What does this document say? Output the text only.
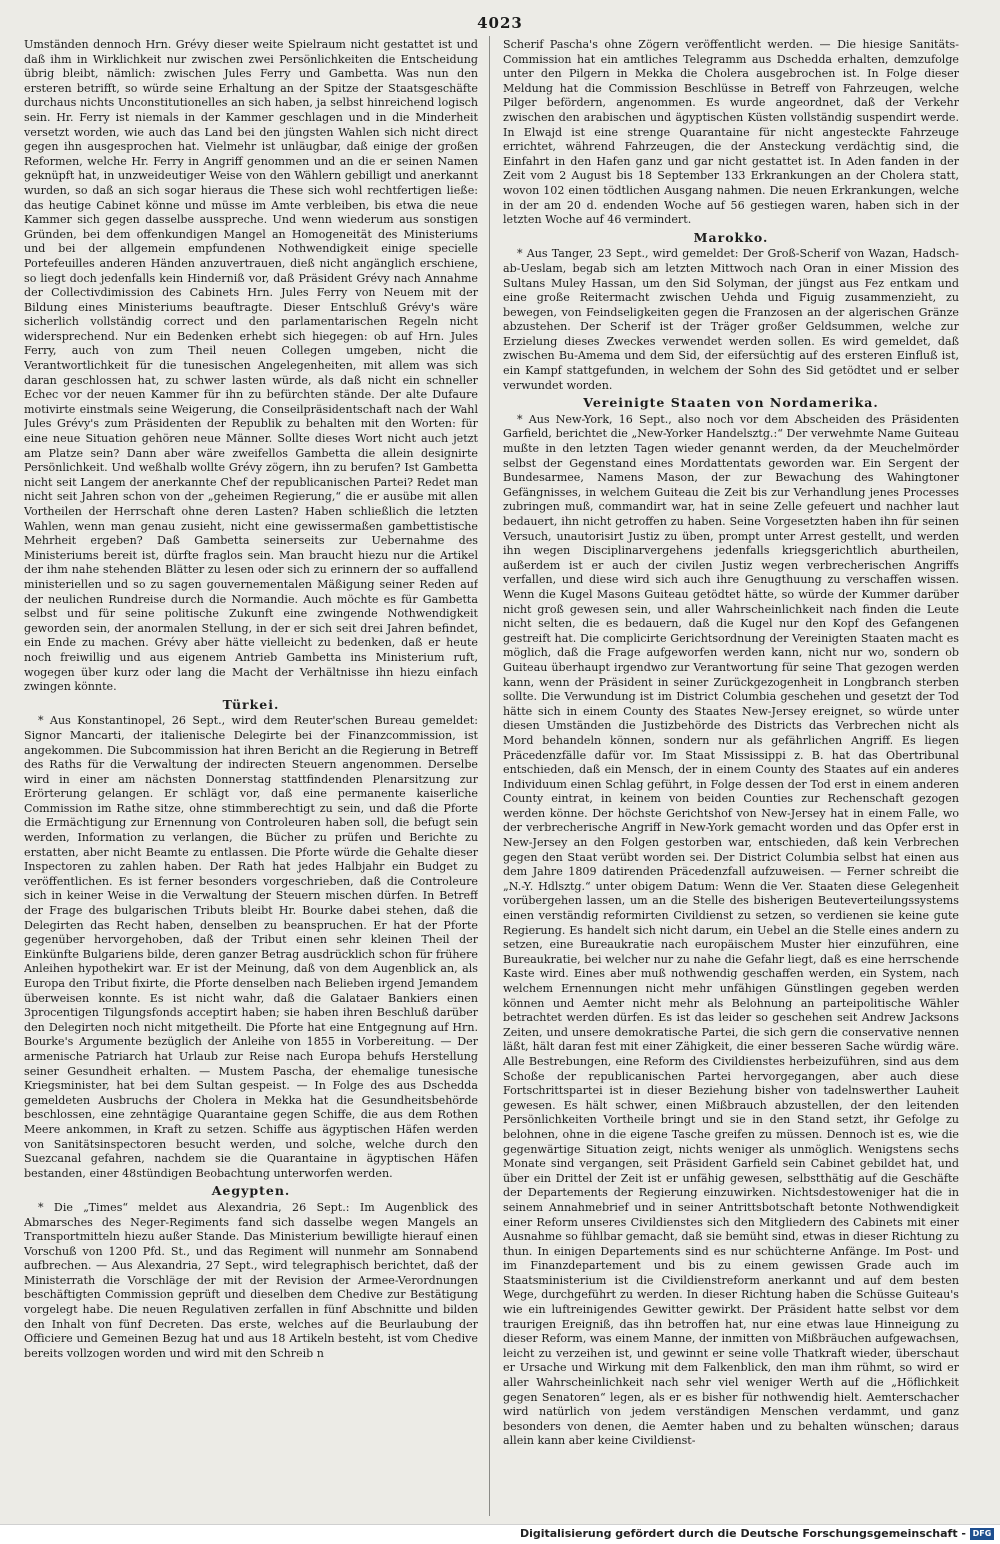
4023

Umständen dennoch Hrn. Grévy dieser weite Spielraum nicht gestattet ist und daß ihm in Wirklichkeit nur zwischen zwei Persönlichkeiten die Entscheidung übrig bleibt, nämlich: zwischen Jules Ferry und Gambetta. Was nun den ersteren betrifft, so würde seine Erhaltung an der Spitze der Staatsgeschäfte durchaus nichts Unconstitutionelles an sich haben, ja selbst hinreichend logisch sein. Hr. Ferry ist niemals in der Kammer geschlagen und in die Minderheit versetzt worden, wie auch das Land bei den jüngsten Wahlen sich nicht direct gegen ihn ausgesprochen hat. Vielmehr ist unläugbar, daß einige der großen Reformen, welche Hr. Ferry in Angriff genommen und an die er seinen Namen geknüpft hat, in unzweideutiger Weise von den Wählern gebilligt und anerkannt wurden, so daß an sich sogar hieraus die These sich wohl rechtfertigen ließe: das heutige Cabinet könne und müsse im Amte verbleiben, bis etwa die neue Kammer sich gegen dasselbe ausspreche. Und wenn wiederum aus sonstigen Gründen, bei dem offenkundigen Mangel an Homogeneität des Ministeriums und bei der allgemein empfundenen Nothwendigkeit einige specielle Portefeuilles anderen Händen anzuvertrauen, dieß nicht angänglich erschiene, so liegt doch jedenfalls kein Hinderniß vor, daß Präsident Grévy nach Annahme der Collectivdimission des Cabinets Hrn. Jules Ferry von Neuem mit der Bildung eines Ministeriums beauftragte. Dieser Entschluß Grévy's wäre sicherlich vollständig correct und den parlamentarischen Regeln nicht widersprechend. Nur ein Bedenken erhebt sich hiegegen: ob auf Hrn. Jules Ferry, auch von zum Theil neuen Collegen umgeben, nicht die Verantwortlichkeit für die tunesischen Angelegenheiten, mit allem was sich daran geschlossen hat, zu schwer lasten würde, als daß nicht ein schneller Echec vor der neuen Kammer für ihn zu befürchten stände. Der alte Dufaure motivirte einstmals seine Weigerung, die Conseilpräsidentschaft nach der Wahl Jules Grévy's zum Präsidenten der Republik zu behalten mit den Worten: für eine neue Situation gehören neue Männer. Sollte dieses Wort nicht auch jetzt am Platze sein? Dann aber wäre zweifellos Gambetta die allein designirte Persönlichkeit. Und weßhalb wollte Grévy zögern, ihn zu berufen? Ist Gambetta nicht seit Langem der anerkannte Chef der republicanischen Partei? Redet man nicht seit Jahren schon von der „geheimen Regierung,“ die er ausübe mit allen Vortheilen der Herrschaft ohne deren Lasten? Haben schließlich die letzten Wahlen, wenn man genau zusieht, nicht eine gewissermaßen gambettistische Mehrheit ergeben? Daß Gambetta seinerseits zur Uebernahme des Ministeriums bereit ist, dürfte fraglos sein. Man braucht hiezu nur die Artikel der ihm nahe stehenden Blätter zu lesen oder sich zu erinnern der so auffallend ministeriellen und so zu sagen gouvernementalen Mäßigung seiner Reden auf der neulichen Rundreise durch die Normandie. Auch möchte es für Gambetta selbst und für seine politische Zukunft eine zwingende Nothwendigkeit geworden sein, der anormalen Stellung, in der er sich seit drei Jahren befindet, ein Ende zu machen. Grévy aber hätte vielleicht zu bedenken, daß er heute noch freiwillig und aus eigenem Antrieb Gambetta ins Ministerium ruft, wogegen über kurz oder lang die Macht der Verhältnisse ihn hiezu einfach zwingen könnte.

Türkei.

* Aus Konstantinopel, 26 Sept., wird dem Reuter'schen Bureau gemeldet: Signor Mancarti, der italienische Delegirte bei der Finanzcommission, ist angekommen. Die Subcommission hat ihren Bericht an die Regierung in Betreff des Raths für die Verwaltung der indirecten Steuern angenommen. Derselbe wird in einer am nächsten Donnerstag stattfindenden Plenarsitzung zur Erörterung gelangen. Er schlägt vor, daß eine permanente kaiserliche Commission im Rathe sitze, ohne stimmberechtigt zu sein, und daß die Pforte die Ermächtigung zur Ernennung von Controleuren haben soll, die befugt sein werden, Information zu verlangen, die Bücher zu prüfen und Berichte zu erstatten, aber nicht Beamte zu entlassen. Die Pforte würde die Gehalte dieser Inspectoren zu zahlen haben. Der Rath hat jedes Halbjahr ein Budget zu veröffentlichen. Es ist ferner besonders vorgeschrieben, daß die Controleure sich in keiner Weise in die Verwaltung der Steuern mischen dürfen. In Betreff der Frage des bulgarischen Tributs bleibt Hr. Bourke dabei stehen, daß die Delegirten das Recht haben, denselben zu beanspruchen. Er hat der Pforte gegenüber hervorgehoben, daß der Tribut einen sehr kleinen Theil der Einkünfte Bulgariens bilde, deren ganzer Betrag ausdrücklich schon für frühere Anleihen hypothekirt war. Er ist der Meinung, daß von dem Augenblick an, als Europa den Tribut fixirte, die Pforte denselben nach Belieben irgend Jemandem überweisen konnte. Es ist nicht wahr, daß die Galataer Bankiers einen 3procentigen Tilgungsfonds acceptirt haben; sie haben ihren Beschluß darüber den Delegirten noch nicht mitgetheilt. Die Pforte hat eine Entgegnung auf Hrn. Bourke's Argumente bezüglich der Anleihe von 1855 in Vorbereitung. — Der armenische Patriarch hat Urlaub zur Reise nach Europa behufs Herstellung seiner Gesundheit erhalten. — Mustem Pascha, der ehemalige tunesische Kriegsminister, hat bei dem Sultan gespeist. — In Folge des aus Dschedda gemeldeten Ausbruchs der Cholera in Mekka hat die Gesundheitsbehörde beschlossen, eine zehntägige Quarantaine gegen Schiffe, die aus dem Rothen Meere ankommen, in Kraft zu setzen. Schiffe aus ägyptischen Häfen werden von Sanitätsinspectoren besucht werden, und solche, welche durch den Suezcanal gefahren, nachdem sie die Quarantaine in ägyptischen Häfen bestanden, einer 48stündigen Beobachtung unterworfen werden.

Aegypten.

* Die „Times“ meldet aus Alexandria, 26 Sept.: Im Augenblick des Abmarsches des Neger-Regiments fand sich dasselbe wegen Mangels an Transportmitteln hiezu außer Stande. Das Ministerium bewilligte hierauf einen Vorschuß von 1200 Pfd. St., und das Regiment will nunmehr am Sonnabend aufbrechen. — Aus Alexandria, 27 Sept., wird telegraphisch berichtet, daß der Ministerrath die Vorschläge der mit der Revision der Armee-Verordnungen beschäftigten Commission geprüft und dieselben dem Chedive zur Bestätigung vorgelegt habe. Die neuen Regulativen zerfallen in fünf Abschnitte und bilden den Inhalt von fünf Decreten. Das erste, welches auf die Beurlaubung der Officiere und Gemeinen Bezug hat und aus 18 Artikeln besteht, ist vom Chedive bereits vollzogen worden und wird mit den Schreib n

Scherif Pascha's ohne Zögern veröffentlicht werden. — Die hiesige Sanitäts-Commission hat ein amtliches Telegramm aus Dschedda erhalten, demzufolge unter den Pilgern in Mekka die Cholera ausgebrochen ist. In Folge dieser Meldung hat die Commission Beschlüsse in Betreff von Fahrzeugen, welche Pilger befördern, angenommen. Es wurde angeordnet, daß der Verkehr zwischen den arabischen und ägyptischen Küsten vollständig suspendirt werde. In Elwajd ist eine strenge Quarantaine für nicht angesteckte Fahrzeuge errichtet, während Fahrzeugen, die der Ansteckung verdächtig sind, die Einfahrt in den Hafen ganz und gar nicht gestattet ist. In Aden fanden in der Zeit vom 2 August bis 18 September 133 Erkrankungen an der Cholera statt, wovon 102 einen tödtlichen Ausgang nahmen. Die neuen Erkrankungen, welche in der am 20 d. endenden Woche auf 56 gestiegen waren, haben sich in der letzten Woche auf 46 vermindert.

Marokko.

* Aus Tanger, 23 Sept., wird gemeldet: Der Groß-Scherif von Wazan, Hadsch-ab-Ueslam, begab sich am letzten Mittwoch nach Oran in einer Mission des Sultans Muley Hassan, um den Sid Solyman, der jüngst aus Fez entkam und eine große Reitermacht zwischen Uehda und Figuig zusammenzieht, zu bewegen, von Feindseligkeiten gegen die Franzosen an der algerischen Gränze abzustehen. Der Scherif ist der Träger großer Geldsummen, welche zur Erzielung dieses Zweckes verwendet werden sollen. Es wird gemeldet, daß zwischen Bu-Amema und dem Sid, der eifersüchtig auf des ersteren Einfluß ist, ein Kampf stattgefunden, in welchem der Sohn des Sid getödtet und er selber verwundet worden.

Vereinigte Staaten von Nordamerika.

* Aus New-York, 16 Sept., also noch vor dem Abscheiden des Präsidenten Garfield, berichtet die „New-Yorker Handelsztg.:“ Der verwehmte Name Guiteau mußte in den letzten Tagen wieder genannt werden, da der Meuchelmörder selbst der Gegenstand eines Mordattentats geworden war. Ein Sergent der Bundesarmee, Namens Mason, der zur Bewachung des Wahingtoner Gefängnisses, in welchem Guiteau die Zeit bis zur Verhandlung jenes Processes zubringen muß, commandirt war, hat in seine Zelle gefeuert und nachher laut bedauert, ihn nicht getroffen zu haben. Seine Vorgesetzten haben ihn für seinen Versuch, unautorisirt Justiz zu üben, prompt unter Arrest gestellt, und werden ihn wegen Disciplinarvergehens jedenfalls kriegsgerichtlich aburtheilen, außerdem ist er auch der civilen Justiz wegen verbrecherischen Angriffs verfallen, und diese wird sich auch ihre Genugthuung zu verschaffen wissen. Wenn die Kugel Masons Guiteau getödtet hätte, so würde der Kummer darüber nicht groß gewesen sein, und aller Wahrscheinlichkeit nach finden die Leute nicht selten, die es bedauern, daß die Kugel nur den Kopf des Gefangenen gestreift hat. Die complicirte Gerichtsordnung der Vereinigten Staaten macht es möglich, daß die Frage aufgeworfen werden kann, nicht nur wo, sondern ob Guiteau überhaupt irgendwo zur Verantwortung für seine That gezogen werden kann, wenn der Präsident in seiner Zurückgezogenheit in Longbranch sterben sollte. Die Verwundung ist im District Columbia geschehen und gesetzt der Tod hätte sich in einem County des Staates New-Jersey ereignet, so würde unter diesen Umständen die Justizbehörde des Districts das Verbrechen nicht als Mord behandeln können, sondern nur als gefährlichen Angriff. Es liegen Präcedenzfälle dafür vor. Im Staat Mississippi z. B. hat das Obertribunal entschieden, daß ein Mensch, der in einem County des Staates auf ein anderes Individuum einen Schlag geführt, in Folge dessen der Tod erst in einem anderen County eintrat, in keinem von beiden Counties zur Rechenschaft gezogen werden könne. Der höchste Gerichtshof von New-Jersey hat in einem Falle, wo der verbrecherische Angriff in New-York gemacht worden und das Opfer erst in New-Jersey an den Folgen gestorben war, entschieden, daß kein Verbrechen gegen den Staat verübt worden sei. Der District Columbia selbst hat einen aus dem Jahre 1809 datirenden Präcedenzfall aufzuweisen. — Ferner schreibt die „N.-Y. Hdlsztg.“ unter obigem Datum: Wenn die Ver. Staaten diese Gelegenheit vorübergehen lassen, um an die Stelle des bisherigen Beuteverteilungssystems einen verständig reformirten Civildienst zu setzen, so verdienen sie keine gute Regierung. Es handelt sich nicht darum, ein Uebel an die Stelle eines andern zu setzen, eine Bureaukratie nach europäischem Muster hier einzuführen, eine Bureaukratie, bei welcher nur zu nahe die Gefahr liegt, daß es eine herrschende Kaste wird. Eines aber muß nothwendig geschaffen werden, ein System, nach welchem Ernennungen nicht mehr unfähigen Günstlingen gegeben werden können und Aemter nicht mehr als Belohnung an parteipolitische Wähler betrachtet werden dürfen. Es ist das leider so geschehen seit Andrew Jacksons Zeiten, und unsere demokratische Partei, die sich gern die conservative nennen läßt, hält daran fest mit einer Zähigkeit, die einer besseren Sache würdig wäre. Alle Bestrebungen, eine Reform des Civildienstes herbeizuführen, sind aus dem Schoße der republicanischen Partei hervorgegangen, aber auch diese Fortschrittspartei ist in dieser Beziehung bisher von tadelnswerther Lauheit gewesen. Es hält schwer, einen Mißbrauch abzustellen, der den leitenden Persönlichkeiten Vortheile bringt und sie in den Stand setzt, ihr Gefolge zu belohnen, ohne in die eigene Tasche greifen zu müssen. Dennoch ist es, wie die gegenwärtige Situation zeigt, nichts weniger als unmöglich. Wenigstens sechs Monate sind vergangen, seit Präsident Garfield sein Cabinet gebildet hat, und über ein Drittel der Zeit ist er unfähig gewesen, selbstthätig auf die Geschäfte der Departements der Regierung einzuwirken. Nichtsdestoweniger hat die in seinem Annahmebrief und in seiner Antrittsbotschaft betonte Nothwendigkeit einer Reform unseres Civildienstes sich den Mitgliedern des Cabinets mit einer Ausnahme so fühlbar gemacht, daß sie bemüht sind, etwas in dieser Richtung zu thun. In einigen Departements sind es nur schüchterne Anfänge. Im Post- und im Finanzdepartement und bis zu einem gewissen Grade auch im Staatsministerium ist die Civildienstreform anerkannt und auf dem besten Wege, durchgeführt zu werden. In dieser Richtung haben die Schüsse Guiteau's wie ein luftreinigendes Gewitter gewirkt. Der Präsident hatte selbst vor dem traurigen Ereigniß, das ihn betroffen hat, nur eine etwas laue Hinneigung zu dieser Reform, was einem Manne, der inmitten von Mißbräuchen aufgewachsen, leicht zu verzeihen ist, und gewinnt er seine volle Thatkraft wieder, überschaut er Ursache und Wirkung mit dem Falkenblick, den man ihm rühmt, so wird er aller Wahrscheinlichkeit nach sehr viel weniger Werth auf die „Höflichkeit gegen Senatoren“ legen, als er es bisher für nothwendig hielt. Aemterschacher wird natürlich von jedem verständigen Menschen verdammt, und ganz besonders von denen, die Aemter haben und zu behalten wünschen; daraus allein kann aber keine Civildienst-

Digitalisierung gefördert durch die Deutsche Forschungsgemeinschaft - DFG
